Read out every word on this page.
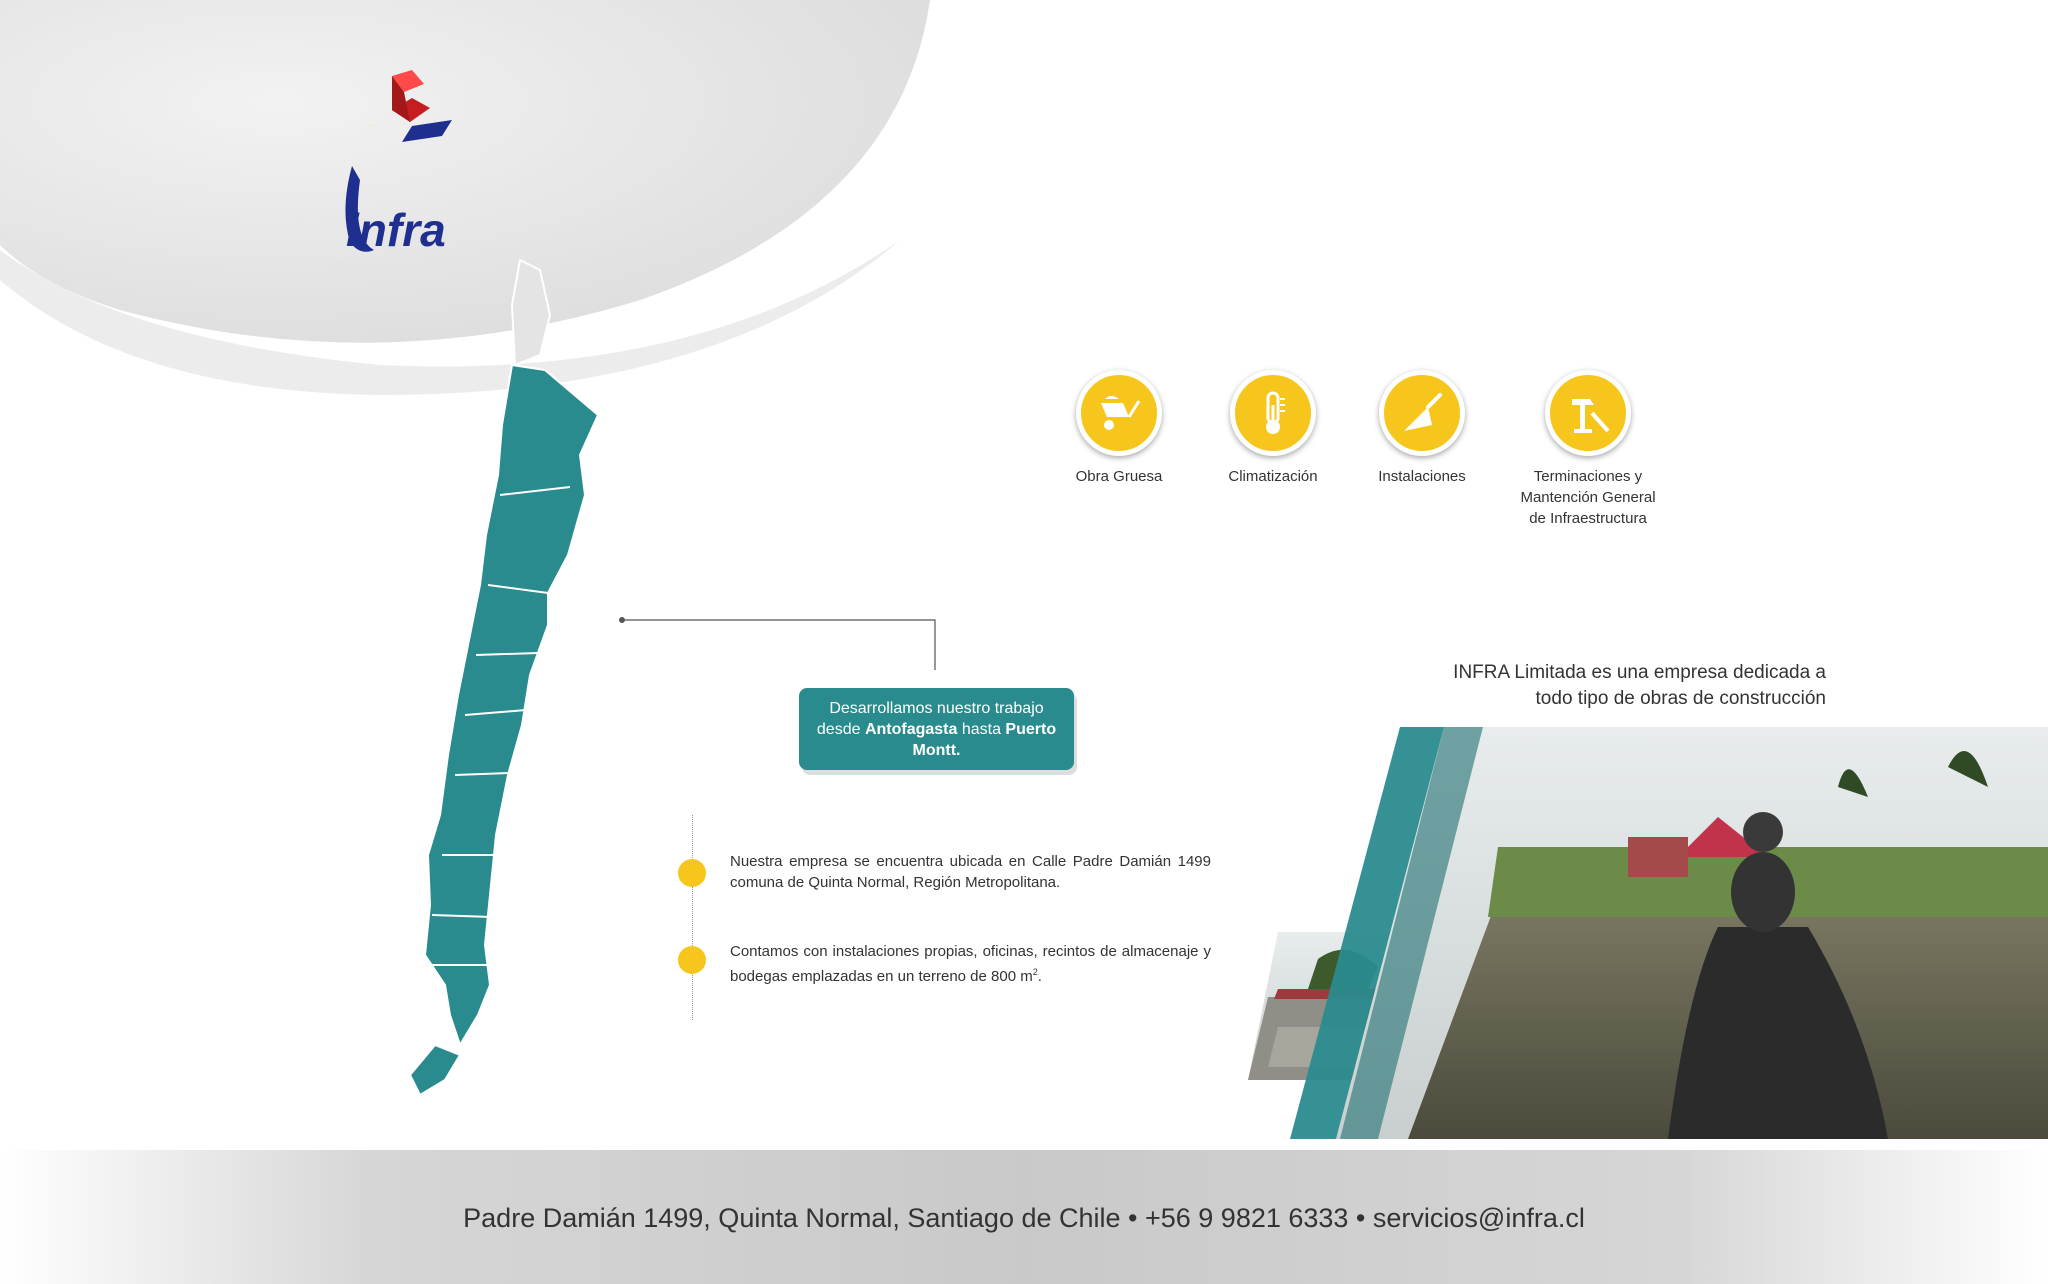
infra
Desarrollamos nuestro trabajo
desde Antofagasta hasta Puerto
Montt.
Nuestra empresa se encuentra ubicada en Calle Padre Damián 1499 comuna de Quinta Normal, Región Metropolitana.
Contamos con instalaciones propias, oficinas, recintos de almacenaje y bodegas emplazadas en un terreno de 800 $m^2$.
Obra Gruesa	Climatización	Instalaciones	Terminaciones y
Mantención General
de Infraestructura
INFRA Limitada es una empresa dedicada a
todo tipo de obras de construcción
Padre Damián 1499, Quinta Normal, Santiago de Chile • +56 9 9821 6333 • servicios@infra.cl
